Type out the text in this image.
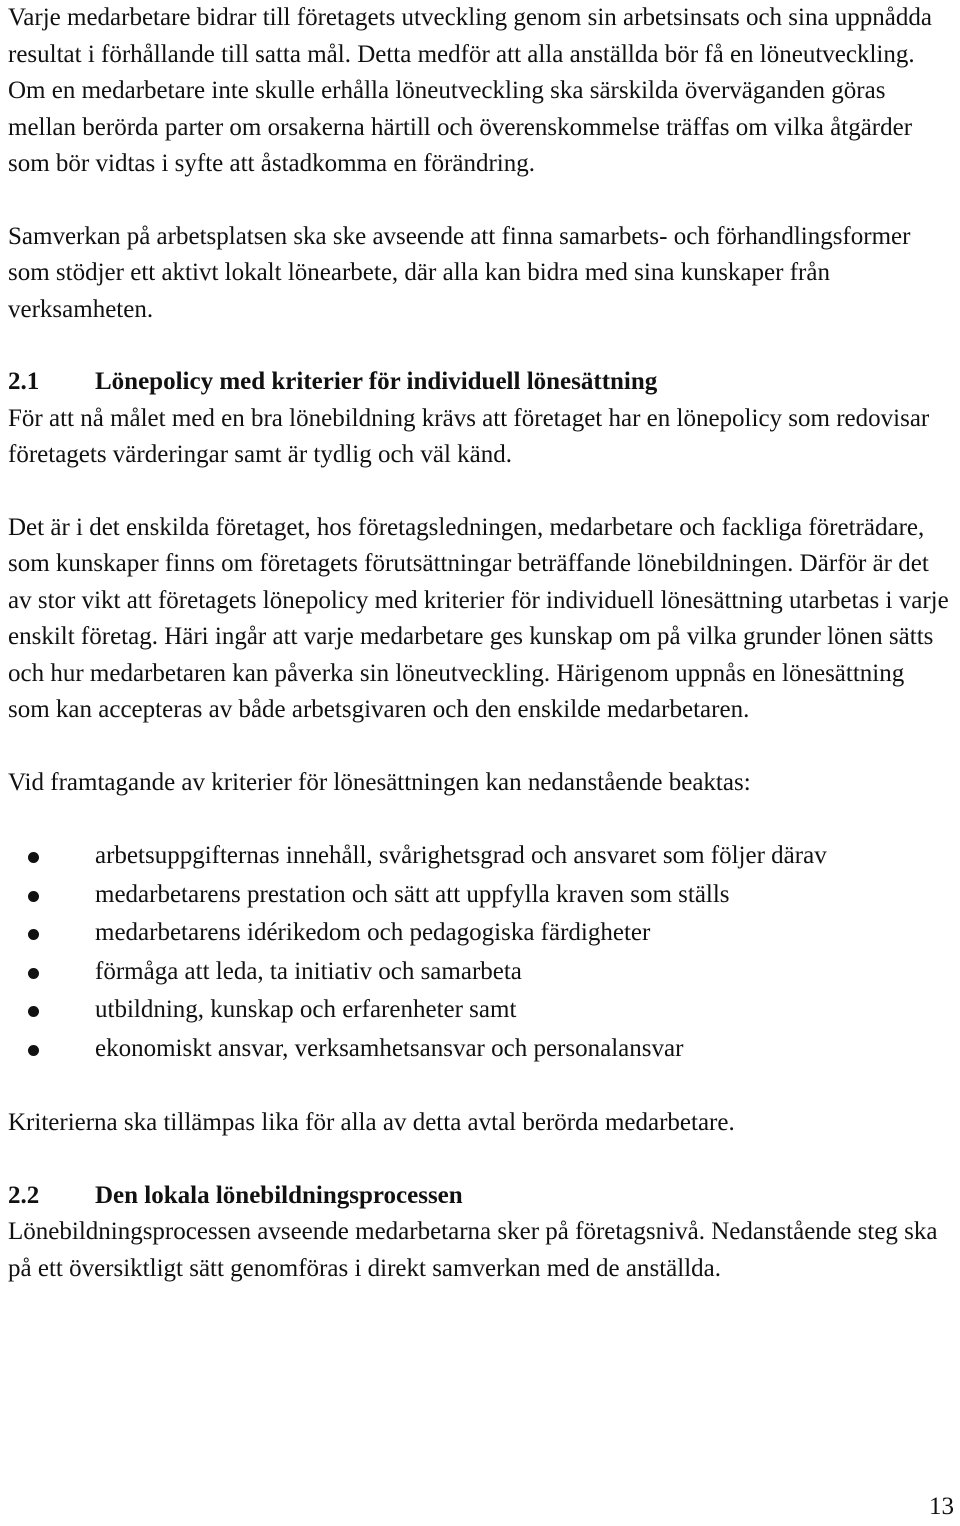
Varje medarbetare bidrar till företagets utveckling genom sin arbetsinsats och sina uppnådda resultat i förhållande till satta mål. Detta medför att alla anställda bör få en löneutveckling. Om en medarbetare inte skulle erhålla löneutveckling ska särskilda överväganden göras mellan berörda parter om orsakerna härtill och överenskommelse träffas om vilka åtgärder som bör vidtas i syfte att åstadkomma en förändring.

Samverkan på arbetsplatsen ska ske avseende att finna samarbets- och förhandlingsformer som stödjer ett aktivt lokalt lönearbete, där alla kan bidra med sina kunskaper från verksamheten.

2.1	Lönepolicy med kriterier för individuell lönesättning

För att nå målet med en bra lönebildning krävs att företaget har en lönepolicy som redovisar företagets värderingar samt är tydlig och väl känd.

Det är i det enskilda företaget, hos företagsledningen, medarbetare och fackliga företrädare, som kunskaper finns om företagets förutsättningar beträffande lönebildningen. Därför är det av stor vikt att företagets lönepolicy med kriterier för individuell lönesättning utarbetas i varje enskilt företag. Häri ingår att varje medarbetare ges kunskap om på vilka grunder lönen sätts och hur medarbetaren kan påverka sin löneutveckling. Härigenom uppnås en lönesättning som kan accepteras av både arbetsgivaren och den enskilde medarbetaren.

Vid framtagande av kriterier för lönesättningen kan nedanstående beaktas:

arbetsuppgifternas innehåll, svårighetsgrad och ansvaret som följer därav
medarbetarens prestation och sätt att uppfylla kraven som ställs
medarbetarens idérikedom och pedagogiska färdigheter
förmåga att leda, ta initiativ och samarbeta
utbildning, kunskap och erfarenheter samt
ekonomiskt ansvar, verksamhetsansvar och personalansvar

Kriterierna ska tillämpas lika för alla av detta avtal berörda medarbetare.

2.2	Den lokala lönebildningsprocessen

Lönebildningsprocessen avseende medarbetarna sker på företagsnivå. Nedanstående steg ska på ett översiktligt sätt genomföras i direkt samverkan med de anställda.

13
